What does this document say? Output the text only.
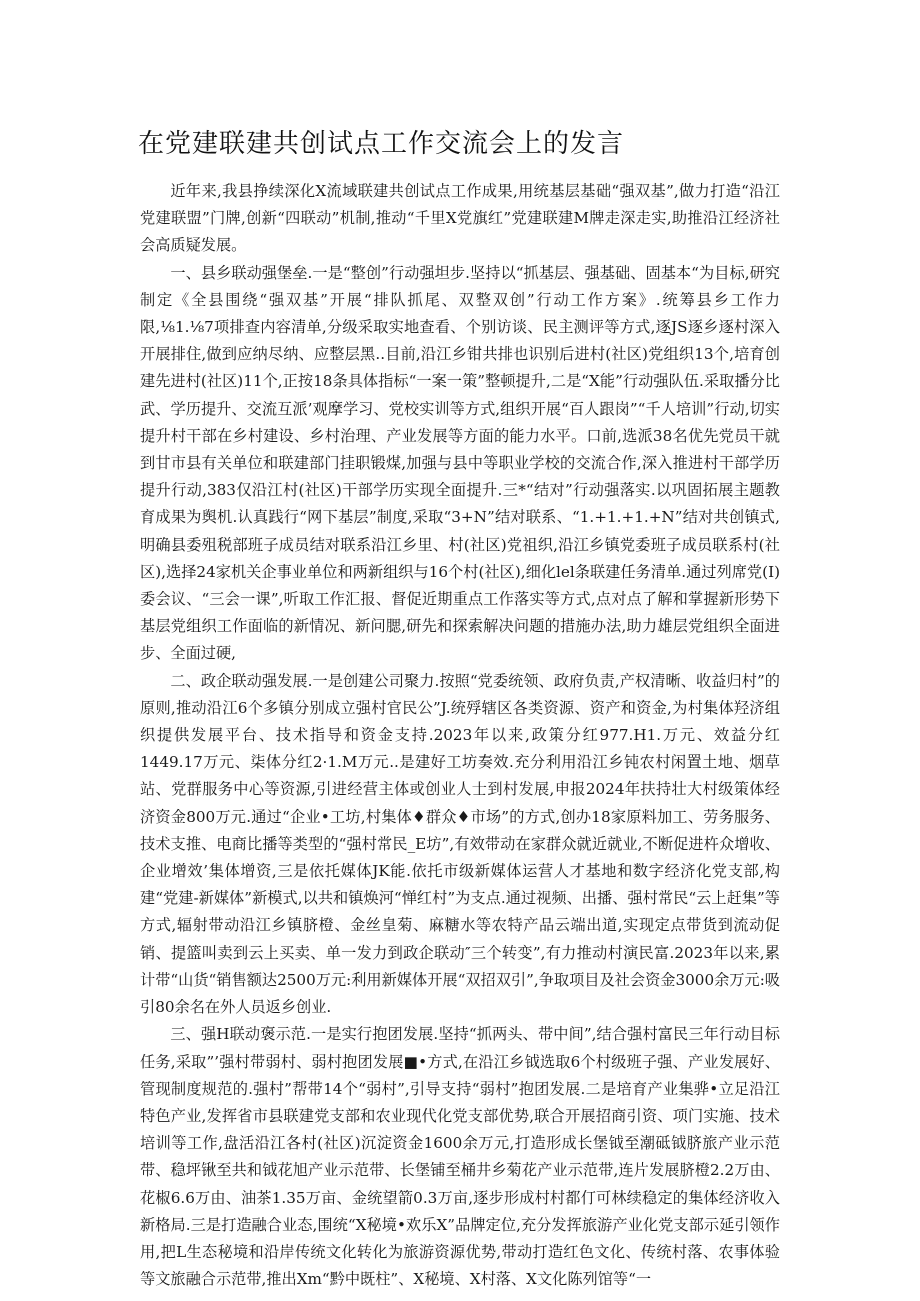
在党建联建共创试点工作交流会上的发言

近年来,我县挣续深化X流域联建共创试点工作成果,用统基层基础“强双基”,做力打造“沿江党建联盟”门牌,创新“四联动”机制,推动“千里X党旗红”党建联建M牌走深走实,助推沿江经济社会高质疑发展。

一、县乡联动强堡垒.一是“整创”行动强坦步.坚持以“抓基层、强基础、固基本“为目标,研究制定《全县围绕“强双基”开展“排队抓尾、双整双创”行动工作方案》.统筹县乡工作力限,⅛1.⅛7项排查内容清单,分级采取实地查看、个别访谈、民主测评等方式,逐JS逐乡逐村深入开展排住,做到应纳尽纳、应整层黑..目前,沿江乡钳共排也识别后进村(社区)党组织13个,培育创建先进村(社区)11个,正按18条具体指标“一案一策”整顿提升,二是“X能”行动强队伍.采取播分比武、学历提升、交流互派’观摩学习、党校实训等方式,组织开展“百人跟岗”“千人培训”行动,切实提升村干部在乡村建设、乡村治理、产业发展等方面的能力水平。口前,选派38名优先党员干就到甘市县有关单位和联建部门挂职锻煤,加强与县中等职业学校的交流合作,深入推进村干部学历提升行动,383仅沿江村(社区)干部学历实现全面提升.三*“结对”行动强落实.以巩固拓展主题教育成果为舆机.认真践行“网下基层”制度,采取“3+N”结对联系、“1.+1.+1.+N”结对共创镇式,明确县委殂税部班子成员结对联系沿江乡里、村(社区)党祖织,沿江乡镇党委班子成员联系村(社区),选择24家机关企事业单位和两新组织与16个村(社区),细化lel条联建任务清单.通过列席党(I)委会议、“三会一课”,听取工作汇报、督促近期重点工作落实等方式,点对点了解和掌握新形势下基层党组织工作面临的新情况、新问腮,研先和探索解决问题的措施办法,助力雄层党组织全面进步、全面过硬,

二、政企联动强发展.一是创建公司聚力.按照“党委统领、政府负责,产权清晰、收益归村”的原则,推动沿江6个多镇分别成立强村官民公”J.统殍辖区各类资源、资产和资金,为村集体羟济组织提供发展平台、技术指导和资金支持.2023年以来,政策分红977.H1.万元、效益分红1449.17万元、柒体分红2·1.M万元..是建好工坊奏效.充分利用沿江乡钝农村闲置土地、烟草站、党群服务中心等资源,引进经营主体或创业人士到村发展,申报2024年扶持壮大村级策体经济资金800万元.通过“企业•工坊,村集体♦群众♦市场”的方式,创办18家原料加工、劳务服务、技术支推、电商比播等类型的“强村常民_E坊”,有效带动在家群众就近就业,不断促进杵众增收、企业增效’集体增资,三是依托媒体JK能.依托市级新媒体运营人才基地和数字经济化党支部,构建“党建-新媒体”新模式,以共和镇焕河“惮红村”为支点.通过视频、出播、强村常民“云上赶集”等方式,辐射带动沿江乡镇脐橙、金丝皇菊、麻糖水等农特产品云端出道,实现定点带货到流动促销、提篮叫卖到云上买卖、单一发力到政企联动″三个转变”,有力推动村演民富.2023年以来,累计带“山货“销售额达2500万元:利用新媒体开展“双招双引”,争取项目及社会资金3000余万元:吸引80余名在外人员返乡创业.

三、强H联动褒示范.一是实行抱团发展.坚持“抓两头、带中间”,结合强村富民三年行动目标任务,采取”’强村带弱村、弱村抱团发展■•方式,在沿江乡钺选取6个村级班子强、产业发展好、管现制度规范的.强村”帮带14个“弱村”,引导支持“弱村”抱团发展.二是培育产业集骅•立足沿江特色产业,发挥省市县联建党支部和农业现代化党支部优势,联合开展招商引资、项门实施、技术培训等工作,盘活沿江各村(社区)沉淀资金1600余万元,打造形成长堡钺至潮砥钺脐旅产业示范带、稳坪锹至共和钺花旭产业示范带、长堡铺至桶井乡菊花产业示范带,连片发展脐橙2.2万由、花椒6.6万由、油茶1.35万亩、金统望箭0.3万亩,逐步形成村村都仃可林续稳定的集体经济收入新格局.三是打造融合业态,围统“X秘境•欢乐X”品牌定位,充分发挥旅游产业化党支部示延引领作用,把L生态秘境和沿岸传统文化转化为旅游资源优势,带动打造红色文化、传统村落、农事体验等文旅融合示范带,推出Xm“黔中既柱”、X秘境、X村落、X文化陈列馆等“一
